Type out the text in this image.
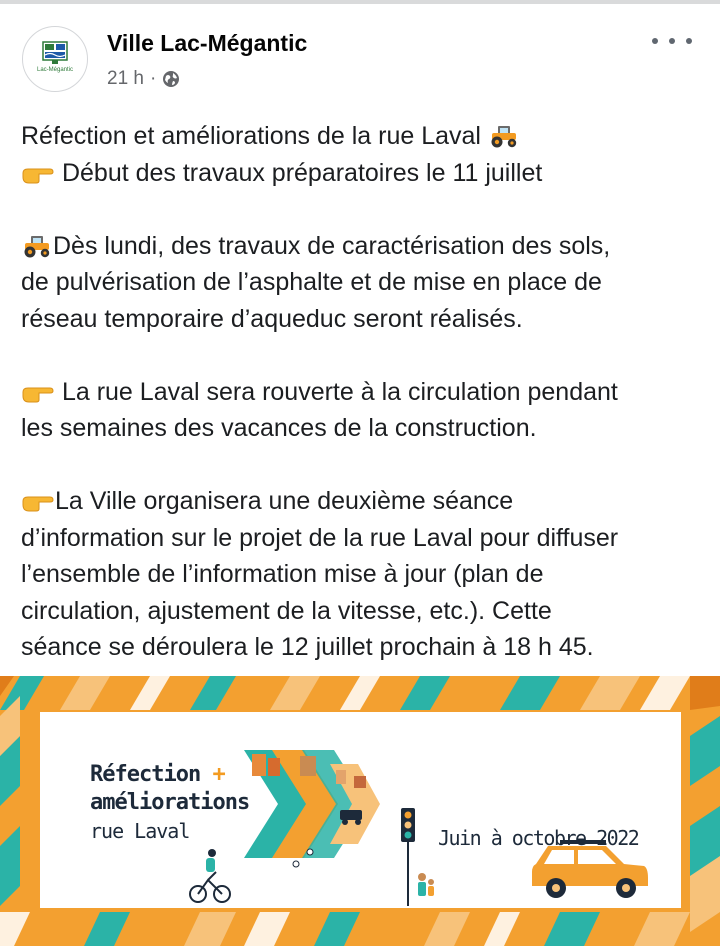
Lac-Mégantic
Ville Lac-Mégantic
21 h ·

Réfection et améliorations de la rue Laval

Début des travaux préparatoires le 11 juillet

Dès lundi, des travaux de caractérisation des sols,

de pulvérisation de l’asphalte et de mise en place de

réseau temporaire d’aqueduc seront réalisés.

La rue Laval sera rouverte à la circulation pendant

les semaines des vacances de la construction.

La Ville organisera une deuxième séance

d’information sur le projet de la rue Laval pour diffuser

l’ensemble de l’information mise à jour (plan de

circulation, ajustement de la vitesse, etc.). Cette

séance se déroulera le 12 juillet prochain à 18 h 45.

Réfection +
améliorations
rue Laval	Juin à octobre 2022
